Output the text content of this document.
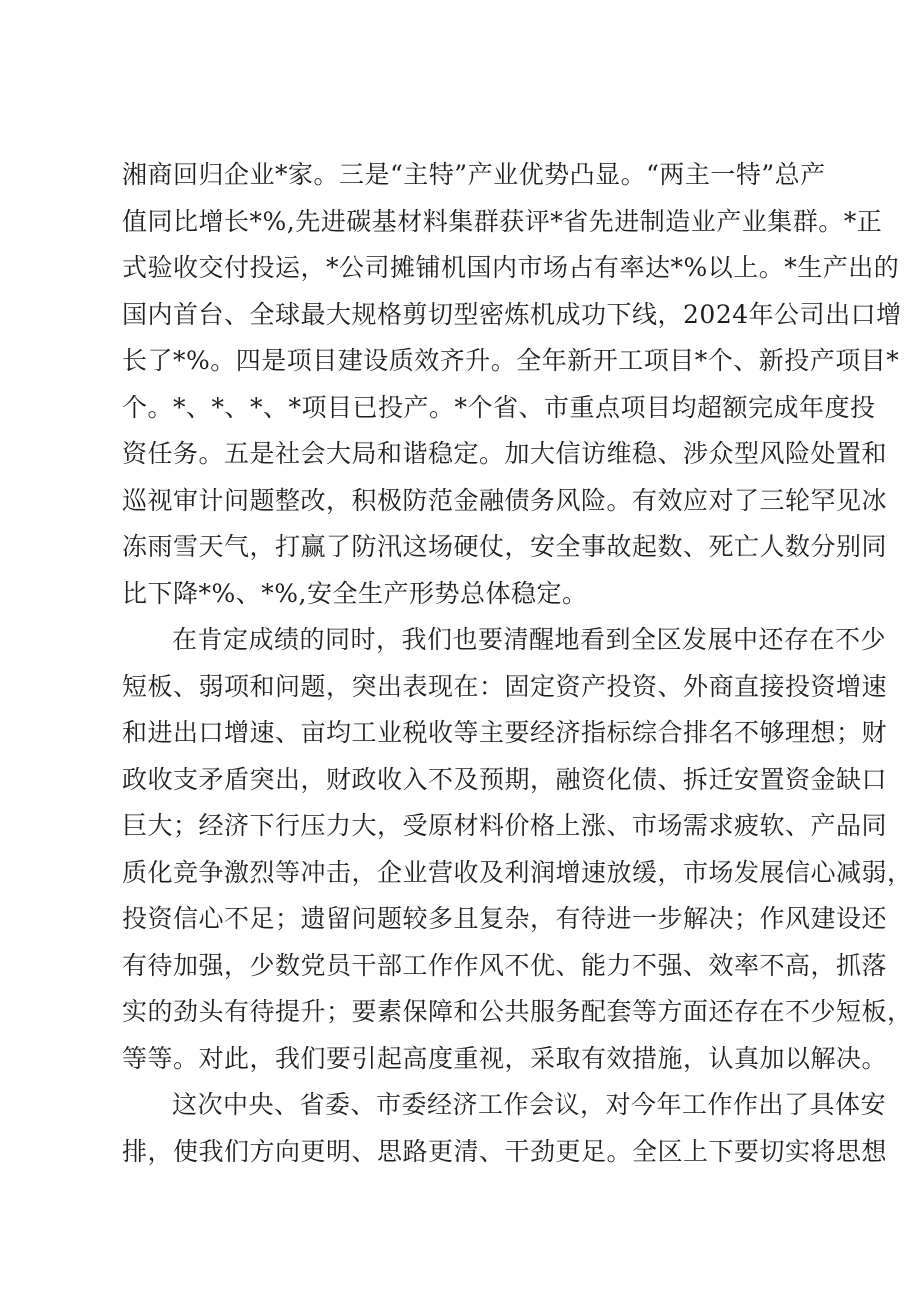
湘商回归企业*家。三是“主特”产业优势凸显。“两主一特”总产
值同比增长*%,先进碳基材料集群获评*省先进制造业产业集群。*正
式验收交付投运，*公司摊铺机国内市场占有率达*%以上。*生产出的
国内首台、全球最大规格剪切型密炼机成功下线，2024年公司出口增
长了*%。四是项目建设质效齐升。全年新开工项目*个、新投产项目*
个。*、*、*、*项目已投产。*个省、市重点项目均超额完成年度投
资任务。五是社会大局和谐稳定。加大信访维稳、涉众型风险处置和
巡视审计问题整改，积极防范金融债务风险。有效应对了三轮罕见冰
冻雨雪天气，打赢了防汛这场硬仗，安全事故起数、死亡人数分别同
比下降*%、*%,安全生产形势总体稳定。
在肯定成绩的同时，我们也要清醒地看到全区发展中还存在不少
短板、弱项和问题，突出表现在：固定资产投资、外商直接投资增速
和进出口增速、亩均工业税收等主要经济指标综合排名不够理想；财
政收支矛盾突出，财政收入不及预期，融资化债、拆迁安置资金缺口
巨大；经济下行压力大，受原材料价格上涨、市场需求疲软、产品同
质化竞争激烈等冲击，企业营收及利润增速放缓，市场发展信心减弱，
投资信心不足；遗留问题较多且复杂，有待进一步解决；作风建设还
有待加强，少数党员干部工作作风不优、能力不强、效率不高，抓落
实的劲头有待提升；要素保障和公共服务配套等方面还存在不少短板，
等等。对此，我们要引起高度重视，采取有效措施，认真加以解决。
这次中央、省委、市委经济工作会议，对今年工作作出了具体安
排，使我们方向更明、思路更清、干劲更足。全区上下要切实将思想
